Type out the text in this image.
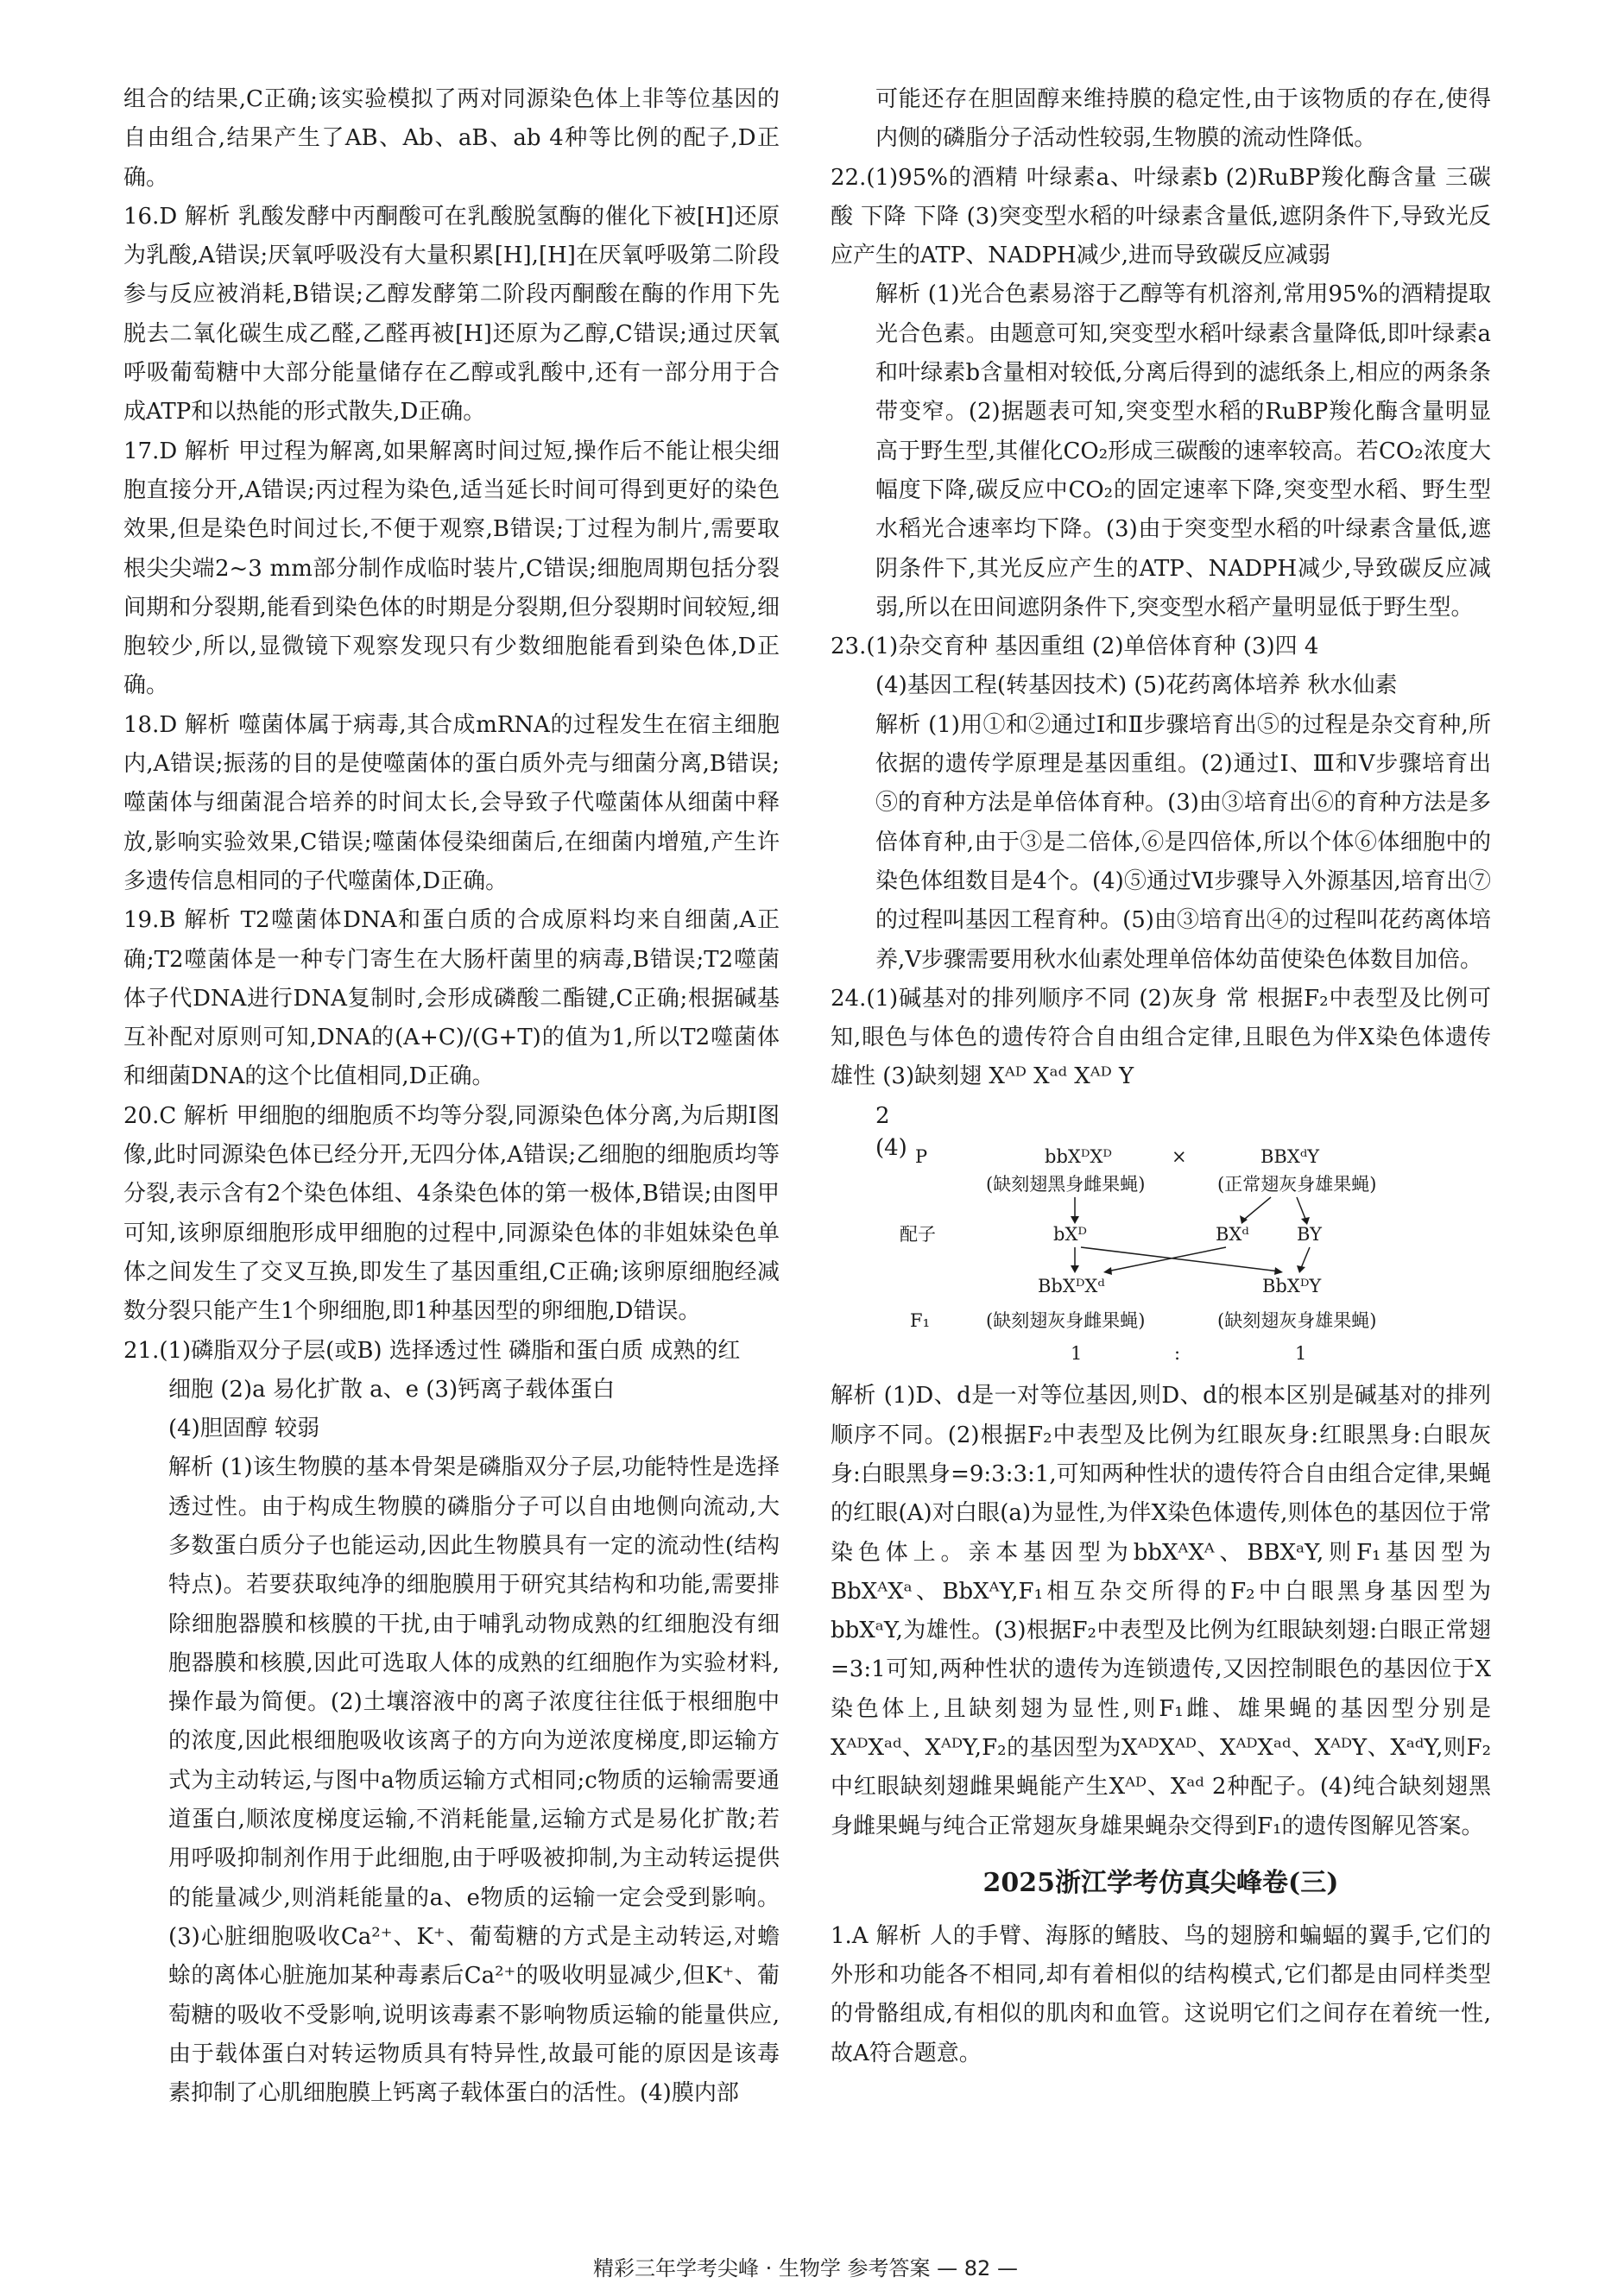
组合的结果,C正确;该实验模拟了两对同源染色体上非等位基因的自由组合,结果产生了AB、Ab、aB、ab 4种等比例的配子,D正确。

16.D 解析 乳酸发酵中丙酮酸可在乳酸脱氢酶的催化下被[H]还原为乳酸,A错误;厌氧呼吸没有大量积累[H],[H]在厌氧呼吸第二阶段参与反应被消耗,B错误;乙醇发酵第二阶段丙酮酸在酶的作用下先脱去二氧化碳生成乙醛,乙醛再被[H]还原为乙醇,C错误;通过厌氧呼吸葡萄糖中大部分能量储存在乙醇或乳酸中,还有一部分用于合成ATP和以热能的形式散失,D正确。

17.D 解析 甲过程为解离,如果解离时间过短,操作后不能让根尖细胞直接分开,A错误;丙过程为染色,适当延长时间可得到更好的染色效果,但是染色时间过长,不便于观察,B错误;丁过程为制片,需要取根尖尖端2~3 mm部分制作成临时装片,C错误;细胞周期包括分裂间期和分裂期,能看到染色体的时期是分裂期,但分裂期时间较短,细胞较少,所以,显微镜下观察发现只有少数细胞能看到染色体,D正确。

18.D 解析 噬菌体属于病毒,其合成mRNA的过程发生在宿主细胞内,A错误;振荡的目的是使噬菌体的蛋白质外壳与细菌分离,B错误;噬菌体与细菌混合培养的时间太长,会导致子代噬菌体从细菌中释放,影响实验效果,C错误;噬菌体侵染细菌后,在细菌内增殖,产生许多遗传信息相同的子代噬菌体,D正确。

19.B 解析 T2噬菌体DNA和蛋白质的合成原料均来自细菌,A正确;T2噬菌体是一种专门寄生在大肠杆菌里的病毒,B错误;T2噬菌体子代DNA进行DNA复制时,会形成磷酸二酯键,C正确;根据碱基互补配对原则可知,DNA的(A+C)/(G+T)的值为1,所以T2噬菌体和细菌DNA的这个比值相同,D正确。

20.C 解析 甲细胞的细胞质不均等分裂,同源染色体分离,为后期Ⅰ图像,此时同源染色体已经分开,无四分体,A错误;乙细胞的细胞质均等分裂,表示含有2个染色体组、4条染色体的第一极体,B错误;由图甲可知,该卵原细胞形成甲细胞的过程中,同源染色体的非姐妹染色单体之间发生了交叉互换,即发生了基因重组,C正确;该卵原细胞经减数分裂只能产生1个卵细胞,即1种基因型的卵细胞,D错误。

21.(1)磷脂双分子层(或B) 选择透过性 磷脂和蛋白质 成熟的红

细胞 (2)a 易化扩散 a、e (3)钙离子载体蛋白

(4)胆固醇 较弱

解析 (1)该生物膜的基本骨架是磷脂双分子层,功能特性是选择透过性。由于构成生物膜的磷脂分子可以自由地侧向流动,大多数蛋白质分子也能运动,因此生物膜具有一定的流动性(结构特点)。若要获取纯净的细胞膜用于研究其结构和功能,需要排除细胞器膜和核膜的干扰,由于哺乳动物成熟的红细胞没有细胞器膜和核膜,因此可选取人体的成熟的红细胞作为实验材料,操作最为简便。(2)土壤溶液中的离子浓度往往低于根细胞中的浓度,因此根细胞吸收该离子的方向为逆浓度梯度,即运输方式为主动转运,与图中a物质运输方式相同;c物质的运输需要通道蛋白,顺浓度梯度运输,不消耗能量,运输方式是易化扩散;若用呼吸抑制剂作用于此细胞,由于呼吸被抑制,为主动转运提供的能量减少,则消耗能量的a、e物质的运输一定会受到影响。(3)心脏细胞吸收Ca²⁺、K⁺、葡萄糖的方式是主动转运,对蟾蜍的离体心脏施加某种毒素后Ca²⁺的吸收明显减少,但K⁺、葡萄糖的吸收不受影响,说明该毒素不影响物质运输的能量供应,由于载体蛋白对转运物质具有特异性,故最可能的原因是该毒素抑制了心肌细胞膜上钙离子载体蛋白的活性。(4)膜内部

可能还存在胆固醇来维持膜的稳定性,由于该物质的存在,使得内侧的磷脂分子活动性较弱,生物膜的流动性降低。

22.(1)95%的酒精 叶绿素a、叶绿素b (2)RuBP羧化酶含量 三碳酸 下降 下降 (3)突变型水稻的叶绿素含量低,遮阴条件下,导致光反应产生的ATP、NADPH减少,进而导致碳反应减弱

解析 (1)光合色素易溶于乙醇等有机溶剂,常用95%的酒精提取光合色素。由题意可知,突变型水稻叶绿素含量降低,即叶绿素a和叶绿素b含量相对较低,分离后得到的滤纸条上,相应的两条条带变窄。(2)据题表可知,突变型水稻的RuBP羧化酶含量明显高于野生型,其催化CO₂形成三碳酸的速率较高。若CO₂浓度大幅度下降,碳反应中CO₂的固定速率下降,突变型水稻、野生型水稻光合速率均下降。(3)由于突变型水稻的叶绿素含量低,遮阴条件下,其光反应产生的ATP、NADPH减少,导致碳反应减弱,所以在田间遮阴条件下,突变型水稻产量明显低于野生型。

23.(1)杂交育种 基因重组 (2)单倍体育种 (3)四 4

(4)基因工程(转基因技术) (5)花药离体培养 秋水仙素

解析 (1)用①和②通过Ⅰ和Ⅱ步骤培育出⑤的过程是杂交育种,所依据的遗传学原理是基因重组。(2)通过Ⅰ、Ⅲ和Ⅴ步骤培育出⑤的育种方法是单倍体育种。(3)由③培育出⑥的育种方法是多倍体育种,由于③是二倍体,⑥是四倍体,所以个体⑥体细胞中的染色体组数目是4个。(4)⑤通过Ⅵ步骤导入外源基因,培育出⑦的过程叫基因工程育种。(5)由③培育出④的过程叫花药离体培养,Ⅴ步骤需要用秋水仙素处理单倍体幼苗使染色体数目加倍。

24.(1)碱基对的排列顺序不同 (2)灰身 常 根据F₂中表型及比例可知,眼色与体色的遗传符合自由组合定律,且眼色为伴X染色体遗传 雄性 (3)缺刻翅 Xᴬᴰ Xᵃᵈ Xᴬᴰ Y

2

(4) P	bbXᴰXᴰ	×	BBXᵈY
(缺刻翅黑身雌果蝇)	(正常翅灰身雄果蝇)
配子	bXᴰ	BXᵈ	BY
BbXᴰXᵈ	BbXᴰY
F₁	(缺刻翅灰身雌果蝇)	(缺刻翅灰身雄果蝇)
1	:	1

解析 (1)D、d是一对等位基因,则D、d的根本区别是碱基对的排列顺序不同。(2)根据F₂中表型及比例为红眼灰身:红眼黑身:白眼灰身:白眼黑身=9:3:3:1,可知两种性状的遗传符合自由组合定律,果蝇的红眼(A)对白眼(a)为显性,为伴X染色体遗传,则体色的基因位于常染色体上。亲本基因型为bbXᴬXᴬ、BBXᵃY,则F₁基因型为BbXᴬXᵃ、BbXᴬY,F₁相互杂交所得的F₂中白眼黑身基因型为bbXᵃY,为雄性。(3)根据F₂中表型及比例为红眼缺刻翅:白眼正常翅=3:1可知,两种性状的遗传为连锁遗传,又因控制眼色的基因位于X染色体上,且缺刻翅为显性,则F₁雌、雄果蝇的基因型分别是XᴬᴰXᵃᵈ、XᴬᴰY,F₂的基因型为XᴬᴰXᴬᴰ、XᴬᴰXᵃᵈ、XᴬᴰY、XᵃᵈY,则F₂中红眼缺刻翅雌果蝇能产生Xᴬᴰ、Xᵃᵈ 2种配子。(4)纯合缺刻翅黑身雌果蝇与纯合正常翅灰身雄果蝇杂交得到F₁的遗传图解见答案。

2025浙江学考仿真尖峰卷(三)

1.A 解析 人的手臂、海豚的鳍肢、鸟的翅膀和蝙蝠的翼手,它们的外形和功能各不相同,却有着相似的结构模式,它们都是由同样类型的骨骼组成,有相似的肌肉和血管。这说明它们之间存在着统一性,故A符合题意。

精彩三年学考尖峰 · 生物学 参考答案 — 82 —
